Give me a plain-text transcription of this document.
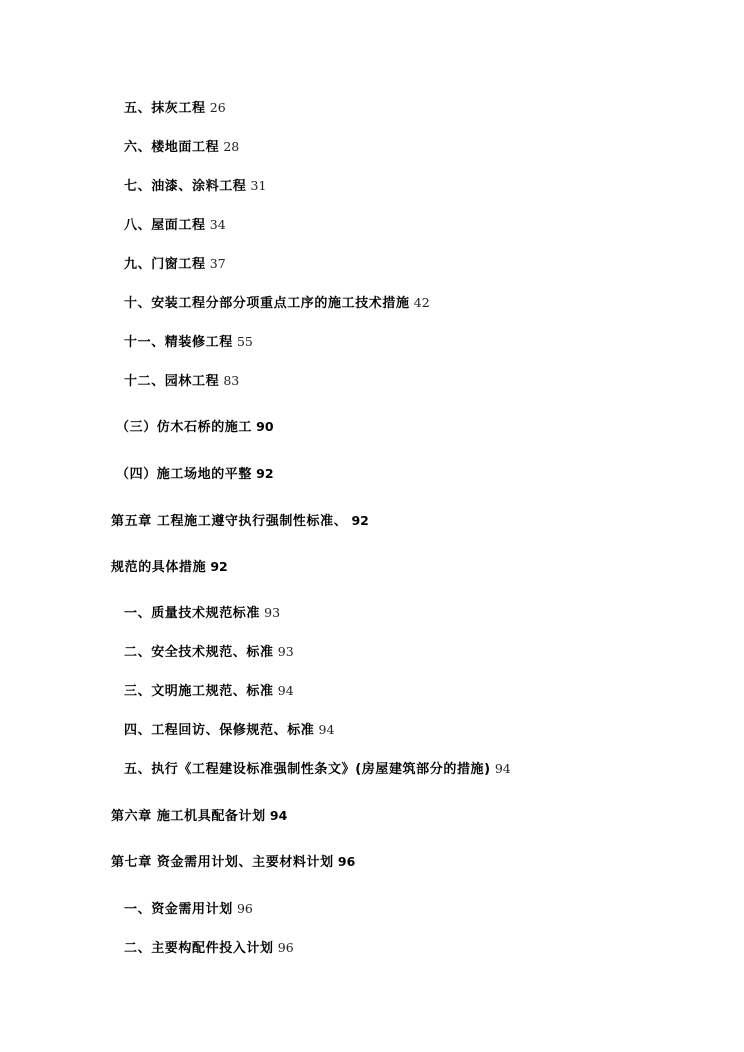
五、抹灰工程 26
六、楼地面工程 28
七、油漆、涂料工程 31
八、屋面工程 34
九、门窗工程 37
十、安装工程分部分项重点工序的施工技术措施 42
十一、精装修工程 55
十二、园林工程 83
（三）仿木石桥的施工 90
（四）施工场地的平整 92
第五章 工程施工遵守执行强制性标准、 92
规范的具体措施 92
一、质量技术规范标准 93
二、安全技术规范、标准 93
三、文明施工规范、标准 94
四、工程回访、保修规范、标准 94
五、执行《工程建设标准强制性条文》(房屋建筑部分的措施) 94
第六章 施工机具配备计划 94
第七章 资金需用计划、主要材料计划 96
一、资金需用计划 96
二、主要构配件投入计划 96
